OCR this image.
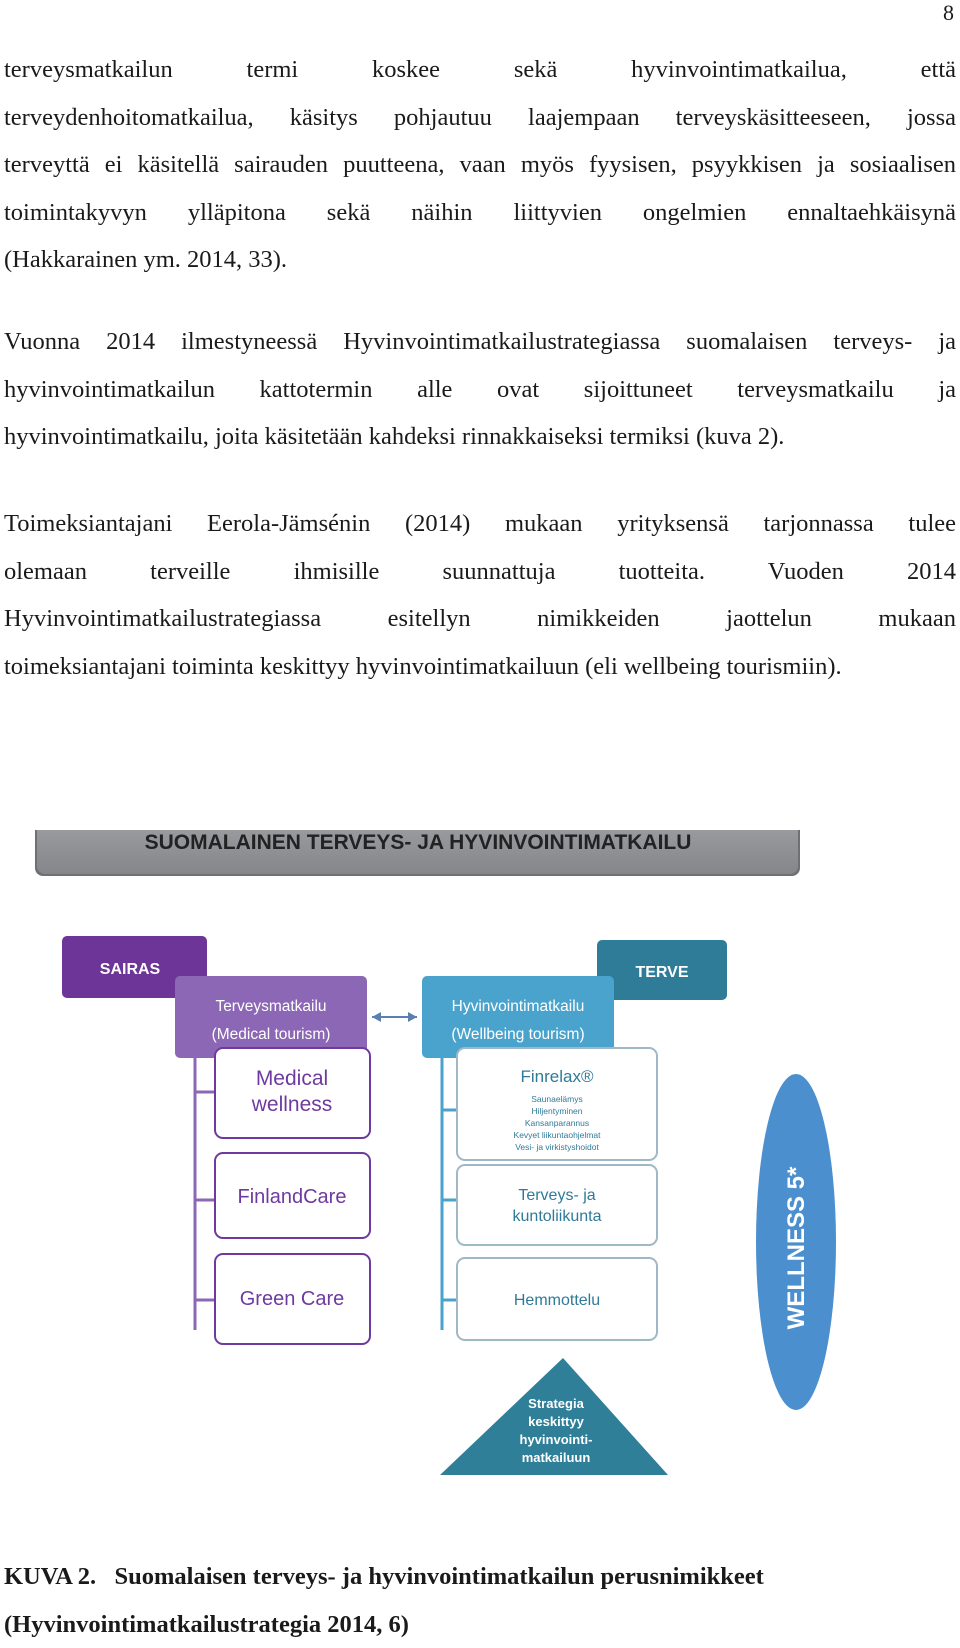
8
terveysmatkailun termi koskee sekä hyvinvointimatkailua, että
terveydenhoitomatkailua, käsitys pohjautuu laajempaan terveyskäsitteeseen, jossa
terveyttä ei käsitellä sairauden puutteena, vaan myös fyysisen, psyykkisen ja sosiaalisen
toimintakyvyn ylläpitona sekä näihin liittyvien ongelmien ennaltaehkäisynä
(Hakkarainen ym. 2014, 33).
Vuonna 2014 ilmestyneessä Hyvinvointimatkailustrategiassa suomalaisen terveys- ja
hyvinvointimatkailun kattotermin alle ovat sijoittuneet terveysmatkailu ja
hyvinvointimatkailu, joita käsitetään kahdeksi rinnakkaiseksi termiksi (kuva 2).
Toimeksiantajani Eerola-Jämsénin (2014) mukaan yrityksensä tarjonnassa tulee
olemaan terveille ihmisille suunnattuja tuotteita. Vuoden 2014
Hyvinvointimatkailustrategiassa esitellyn nimikkeiden jaottelun mukaan
toimeksiantajani toiminta keskittyy hyvinvointimatkailuun (eli wellbeing tourismiin).
SUOMALAINEN TERVEYS- JA HYVINVOINTIMATKAILU
SAIRAS	TERVE
Terveysmatkailu
(Medical tourism)
Hyvinvointimatkailu
(Wellbeing tourism)
Medical
wellness
FinlandCare
Green Care
Finrelax®
Saunaelämys
Hiljentyminen
Kansanparannus
Kevyet liikuntaohjelmat
Vesi- ja virkistyshoidot
Terveys- ja
kuntoliikunta
Hemmottelu	WELLNESS 5*
Strategia
keskittyy
hyvinvointi-
matkailuun
KUVA 2.   Suomalaisen terveys- ja hyvinvointimatkailun perusnimikkeet
(Hyvinvointimatkailustrategia 2014, 6)
